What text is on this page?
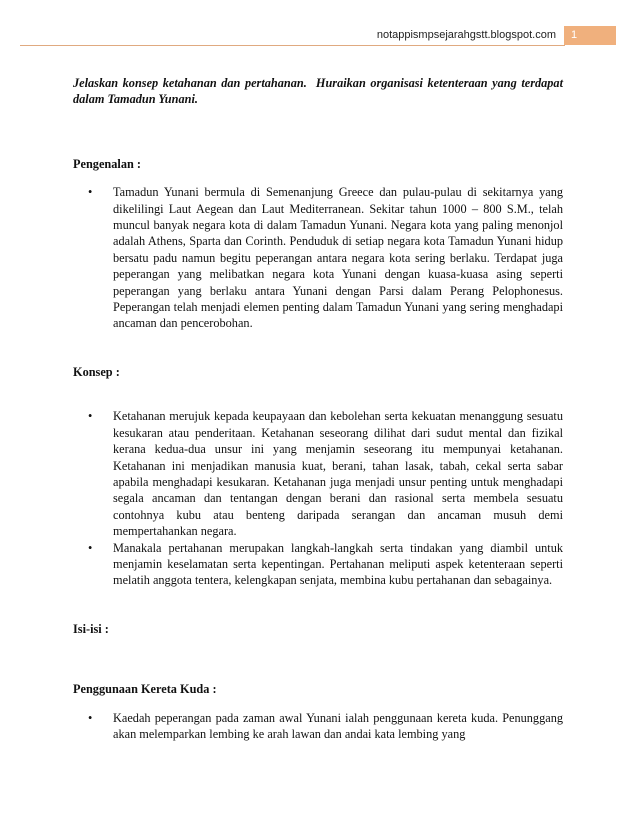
notappismpsejarahgstt.blogspot.com 1

Jelaskan konsep ketahanan dan pertahanan. Huraikan organisasi ketenteraan yang terdapat dalam Tamadun Yunani.

Pengenalan :

• Tamadun Yunani bermula di Semenanjung Greece dan pulau-pulau di sekitarnya yang dikelilingi Laut Aegean dan Laut Mediterranean. Sekitar tahun 1000 – 800 S.M., telah muncul banyak negara kota di dalam Tamadun Yunani. Negara kota yang paling menonjol adalah Athens, Sparta dan Corinth. Penduduk di setiap negara kota Tamadun Yunani hidup bersatu padu namun begitu peperangan antara negara kota sering berlaku. Terdapat juga peperangan yang melibatkan negara kota Yunani dengan kuasa-kuasa asing seperti peperangan yang berlaku antara Yunani dengan Parsi dalam Perang Pelophonesus. Peperangan telah menjadi elemen penting dalam Tamadun Yunani yang sering menghadapi ancaman dan pencerobohan.

Konsep :

• Ketahanan merujuk kepada keupayaan dan kebolehan serta kekuatan menanggung sesuatu kesukaran atau penderitaan. Ketahanan seseorang dilihat dari sudut mental dan fizikal kerana kedua-dua unsur ini yang menjamin seseorang itu mempunyai ketahanan. Ketahanan ini menjadikan manusia kuat, berani, tahan lasak, tabah, cekal serta sabar apabila menghadapi kesukaran. Ketahanan juga menjadi unsur penting untuk menghadapi segala ancaman dan tentangan dengan berani dan rasional serta membela sesuatu contohnya kubu atau benteng daripada serangan dan ancaman musuh demi mempertahankan negara.
• Manakala pertahanan merupakan langkah-langkah serta tindakan yang diambil untuk menjamin keselamatan serta kepentingan. Pertahanan meliputi aspek ketenteraan seperti melatih anggota tentera, kelengkapan senjata, membina kubu pertahanan dan sebagainya.

Isi-isi :

Penggunaan Kereta Kuda :

• Kaedah peperangan pada zaman awal Yunani ialah penggunaan kereta kuda. Penunggang akan melemparkan lembing ke arah lawan dan andai kata lembing yang
